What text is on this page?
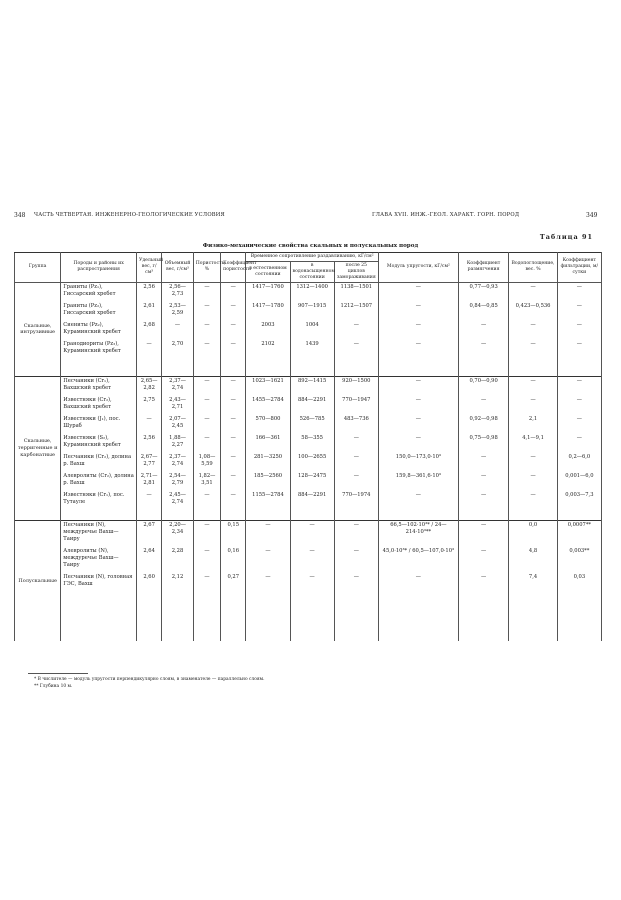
348 ЧАСТЬ ЧЕТВЕРТАЯ. ИНЖЕНЕРНО-ГЕОЛОГИЧЕСКИЕ УСЛОВИЯ	ГЛАВА XVII. ИНЖ.-ГЕОЛ. ХАРАКТ. ГОРН. ПОРОД	349
Таблица 91
Физико-механические свойства скальных и полускальных пород
Группа	Породы и районы их распространения	Удельный вес, г/см³	Объемный вес, г/см³	Пористость, %	Коэффициент пористости	Временное сопротивление раздавливанию, кГ/см²			Модуль упругости, кГ/см²	Коэффициент размягчения	Водопоглощение, вес. %	Коэффициент фильтрации, м/сутки
						в естественном состоянии	в водонасыщенном состоянии	после 25 циклов замораживания				
Скальные, интрузивные	Граниты (Pz₁), Гиссарский хребет	2,56	2,56—2,73	—	—	1417—1760	1312—1400	1138—1501	—	0,77—0,93	—	—
	Граниты (Pz₂), Гиссарский хребет	2,61	2,53—2,59	—	—	1417—1780	907—1915	1212—1507	—	0,84—0,85	0,423—0,536	—
	Сиениты (Pz₂), Кураминский хребет	2,68	—	—	—	2003	1004	—	—	—	—	—
	Гранодиориты (Pz₃), Кураминский хребет	—	2,70	—	—	2102	1439	—	—	—	—	—

Скальные, терригенные и карбонатные	Песчаники (Cr₁), Вахшский хребет	2,65—2,82	2,37—2,74	—	—	1023—1621	892—1415	920—1500	—	0,70—0,90	—	—
	Известняки (Cr₂), Вахшский хребет	2,75	2,43—2,71	—	—	1455—2784	884—2291	770—1947	—	—	—	—
	Известняки (J₁), пос. Шураб	—	2,07—2,45	—	—	570—800	526—785	483—736	—	0,92—0,98	2,1	—
	Известняки (S₂), Кураминский хребет	2,56	1,88—2,27	—	—	166—361	58—355	—	—	0,75—0,98	4,1—9,1	—
	Песчаники (Cr₂), долина р. Вахш	2,67—2,77	2,37—2,74	1,08—5,59	—	281—3250	100—2655	—	150,0—173,0·10³	—	—	0,2—6,0
	Алевролиты (Cr₂), долина р. Вахш	2,71—2,81	2,54—2,79	1,82—3,51	—	185—2560	128—2475	—	159,8—361,6·10³	—	—	0,001—6,0
	Известняки (Cr₁), пос. Тутауле	—	2,45—2,74	—	—	1155—2784	884—2291	770—1974	—	—	—	0,003—7,3

Полускальные	Песчаники (N), междуречье Вахш—Таиру	2,67	2,20—2,34	—	0,15	—	—	—	66,5—102·10³* / 24—214·10³**	—	0,0	0,0007**
	Алевролиты (N), междуречье Вахш—Таиру	2,64	2,28	—	0,16	—	—	—	45,0·10³* / 60,5—107,0·10³	—	4,8	0,003**
	Песчаники (N), головная ГЭС, Вахш	2,60	2,12	—	0,27	—	—	—	—	—	7,4	0,03

* В числителе — модуль упругости перпендикулярно слоям, в знаменателе — параллельно слоям.
** Глубина 10 м.
